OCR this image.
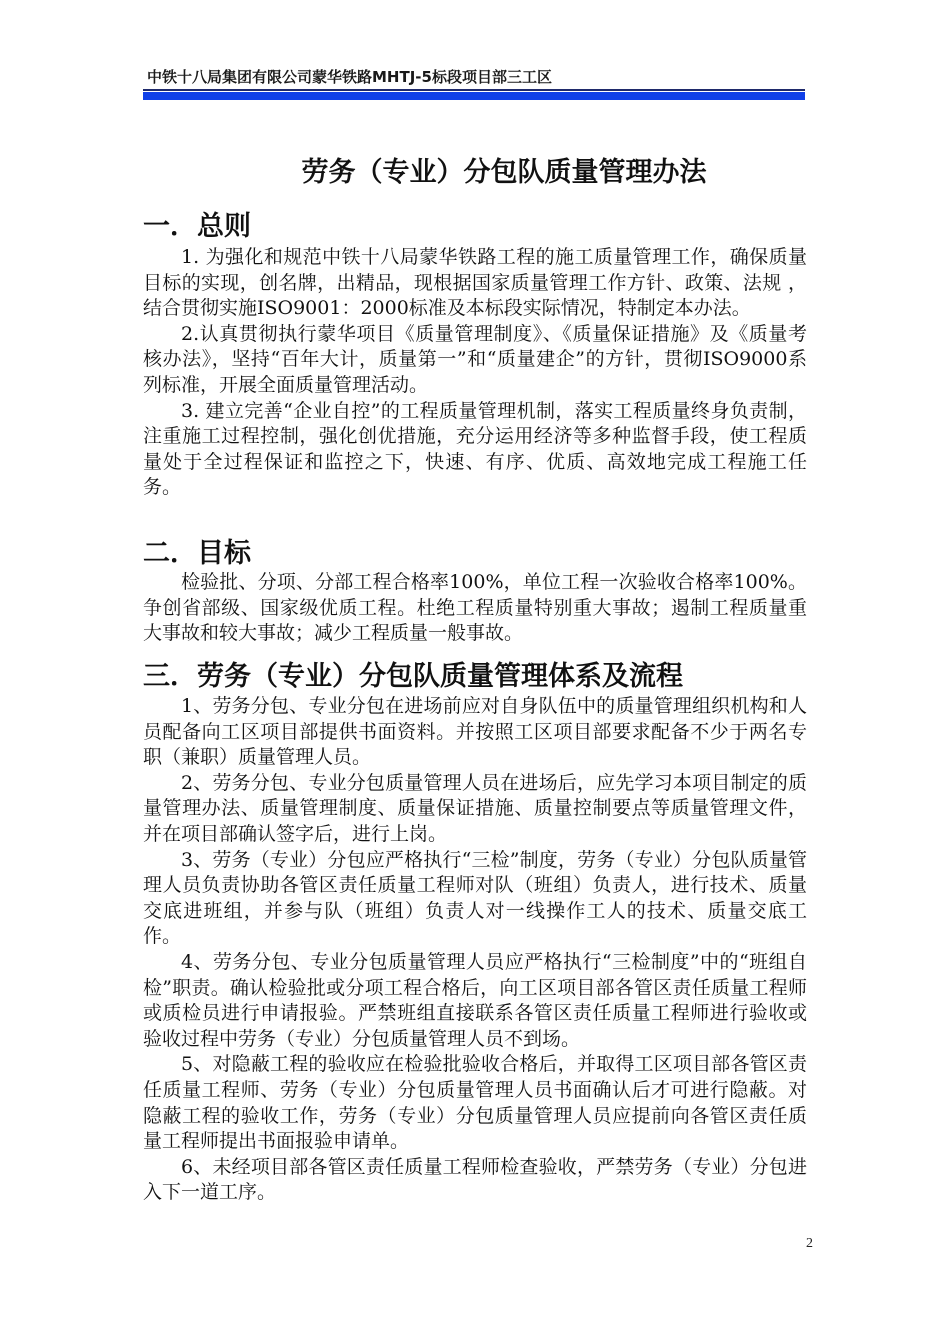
中铁十八局集团有限公司蒙华铁路MHTJ-5标段项目部三工区
劳务（专业）分包队质量管理办法
一．总则

1. 为强化和规范中铁十八局蒙华铁路工程的施工质量管理工作，确保质量目标的实现，创名牌，出精品，现根据国家质量管理工作方针、政策、法规 ，结合贯彻实施ISO9001：2000标准及本标段实际情况，特制定本办法。

2.认真贯彻执行蒙华项目《质量管理制度》、《质量保证措施》及《质量考核办法》，坚持“百年大计，质量第一”和“质量建企”的方针，贯彻ISO9000系列标准，开展全面质量管理活动。

3. 建立完善“企业自控”的工程质量管理机制，落实工程质量终身负责制，注重施工过程控制，强化创优措施，充分运用经济等多种监督手段，使工程质量处于全过程保证和监控之下，快速、有序、优质、高效地完成工程施工任务。

二．目标

检验批、分项、分部工程合格率100%，单位工程一次验收合格率100%。争创省部级、国家级优质工程。杜绝工程质量特别重大事故；遏制工程质量重大事故和较大事故；减少工程质量一般事故。

三．劳务（专业）分包队质量管理体系及流程

1、劳务分包、专业分包在进场前应对自身队伍中的质量管理组织机构和人员配备向工区项目部提供书面资料。并按照工区项目部要求配备不少于两名专职（兼职）质量管理人员。

2、劳务分包、专业分包质量管理人员在进场后，应先学习本项目制定的质量管理办法、质量管理制度、质量保证措施、质量控制要点等质量管理文件，并在项目部确认签字后，进行上岗。

3、劳务（专业）分包应严格执行“三检”制度，劳务（专业）分包队质量管理人员负责协助各管区责任质量工程师对队（班组）负责人，进行技术、质量交底进班组，并参与队（班组）负责人对一线操作工人的技术、质量交底工作。

4、劳务分包、专业分包质量管理人员应严格执行“三检制度”中的“班组自检”职责。确认检验批或分项工程合格后，向工区项目部各管区责任质量工程师或质检员进行申请报验。严禁班组直接联系各管区责任质量工程师进行验收或验收过程中劳务（专业）分包质量管理人员不到场。

5、对隐蔽工程的验收应在检验批验收合格后，并取得工区项目部各管区责任质量工程师、劳务（专业）分包质量管理人员书面确认后才可进行隐蔽。对隐蔽工程的验收工作，劳务（专业）分包质量管理人员应提前向各管区责任质量工程师提出书面报验申请单。

6、未经项目部各管区责任质量工程师检查验收，严禁劳务（专业）分包进入下一道工序。

2
